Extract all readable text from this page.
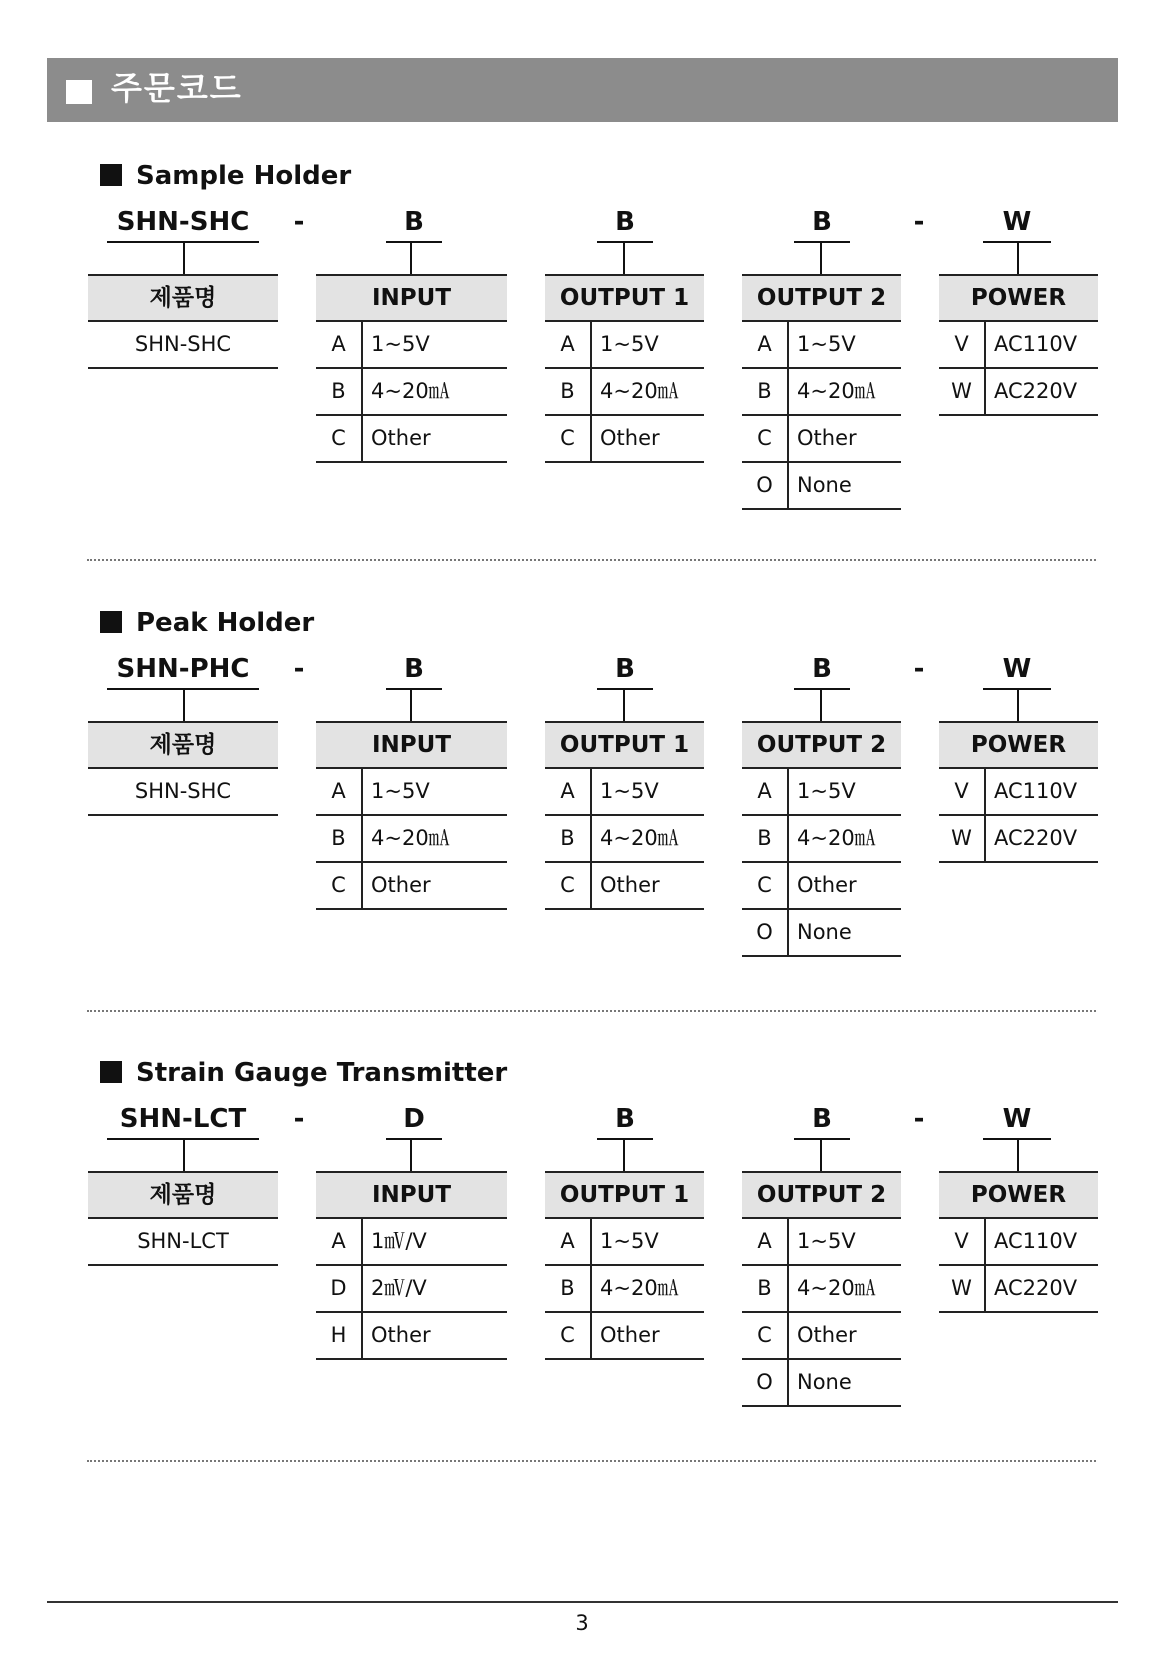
주문코드
Sample Holder
SHN-SHC
제품명
SHN-SHC
B
INPUT
A	1~5V
B	4~20㎃
C	Other
B
OUTPUT 1
A	1~5V
B	4~20㎃
C	Other
B
OUTPUT 2
A	1~5V
B	4~20㎃
C	Other
O	None
W
POWER
V	AC110V
W	AC220V
-	-
Peak Holder
SHN-PHC
제품명
SHN-SHC
B
INPUT
A	1~5V
B	4~20㎃
C	Other
B
OUTPUT 1
A	1~5V
B	4~20㎃
C	Other
B
OUTPUT 2
A	1~5V
B	4~20㎃
C	Other
O	None
W
POWER
V	AC110V
W	AC220V
-	-
Strain Gauge Transmitter
SHN-LCT
제품명
SHN-LCT
D
INPUT
A	1㎷/V
D	2㎷/V
H	Other
B
OUTPUT 1
A	1~5V
B	4~20㎃
C	Other
B
OUTPUT 2
A	1~5V
B	4~20㎃
C	Other
O	None
W
POWER
V	AC110V
W	AC220V
-	-
3
